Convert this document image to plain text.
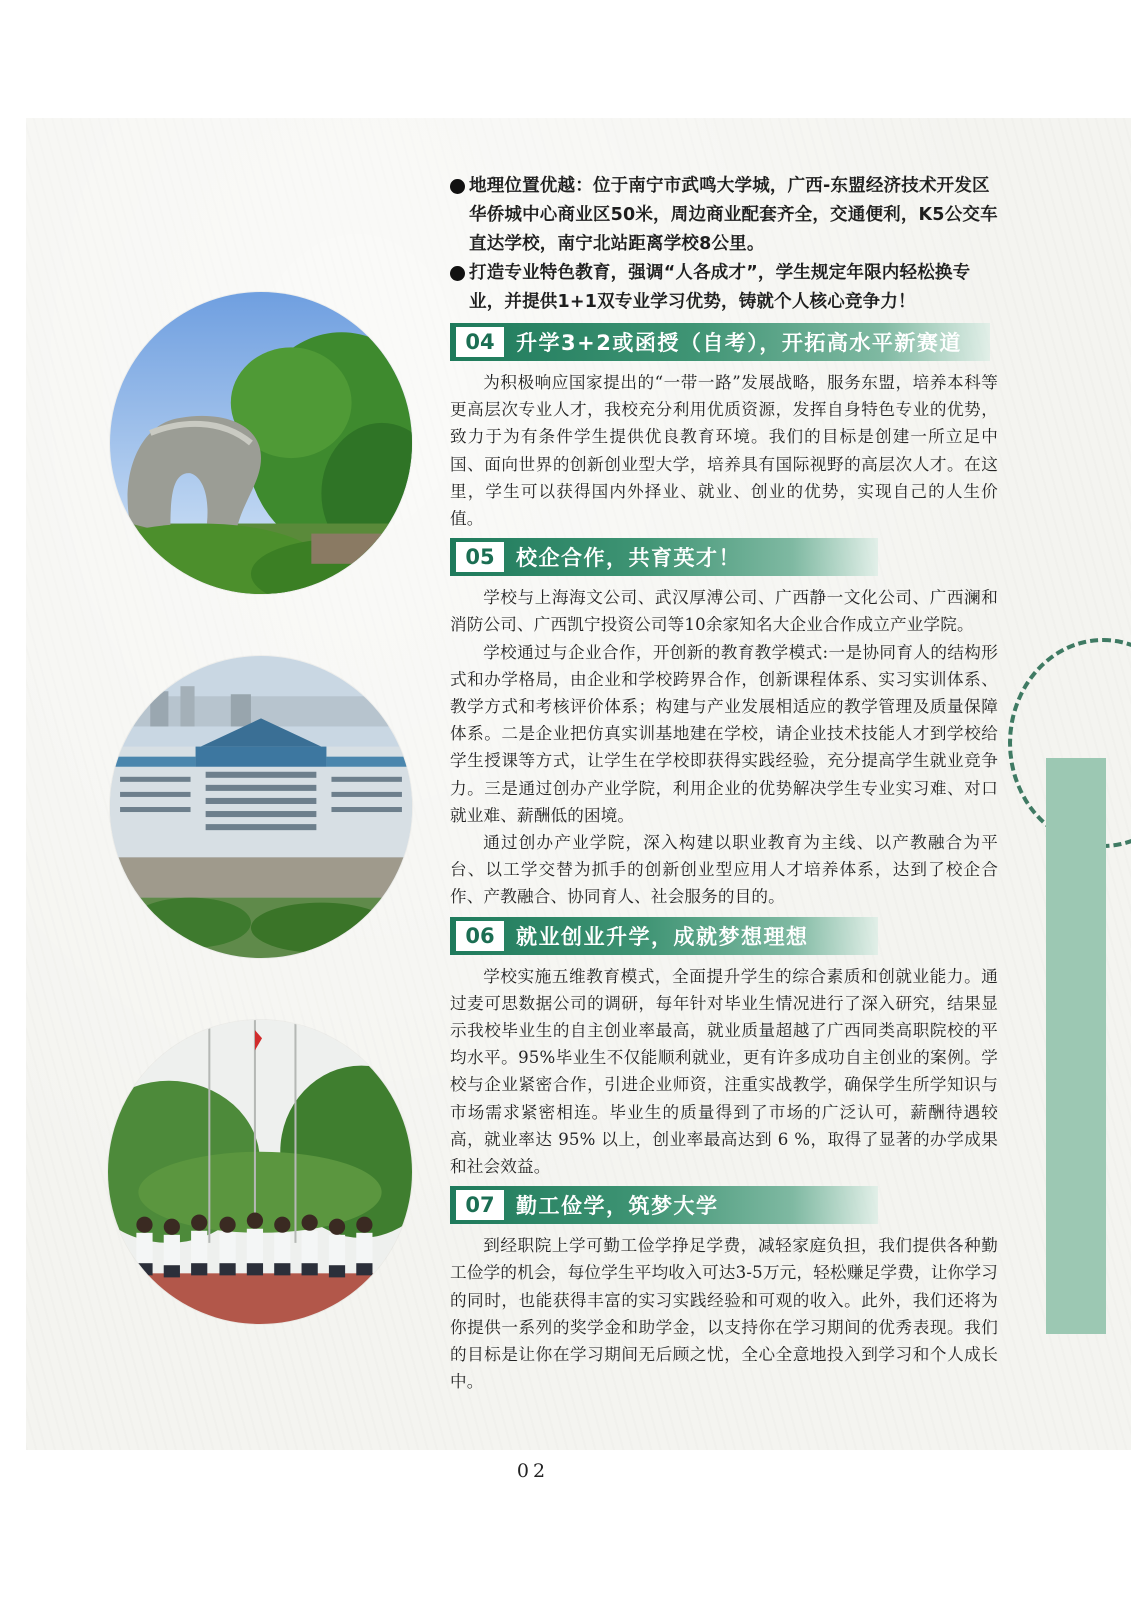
地理位置优越：位于南宁市武鸣大学城，广西-东盟经济技术开发区华侨城中心商业区50米，周边商业配套齐全，交通便利，K5公交车直达学校，南宁北站距离学校8公里。
打造专业特色教育，强调“人各成才”，学生规定年限内轻松换专业，并提供1+1双专业学习优势，铸就个人核心竞争力！
04	升学3+2或函授（自考），开拓高水平新赛道

为积极响应国家提出的“一带一路”发展战略，服务东盟，培养本科等更高层次专业人才，我校充分利用优质资源，发挥自身特色专业的优势，致力于为有条件学生提供优良教育环境。我们的目标是创建一所立足中国、面向世界的创新创业型大学，培养具有国际视野的高层次人才。在这里，学生可以获得国内外择业、就业、创业的优势，实现自己的人生价值。

05	校企合作，共育英才！

学校与上海海文公司、武汉厚溥公司、广西静一文化公司、广西澜和消防公司、广西凯宁投资公司等10余家知名大企业合作成立产业学院。

学校通过与企业合作，开创新的教育教学模式:一是协同育人的结构形式和办学格局，由企业和学校跨界合作，创新课程体系、实习实训体系、教学方式和考核评价体系；构建与产业发展相适应的教学管理及质量保障体系。二是企业把仿真实训基地建在学校，请企业技术技能人才到学校给学生授课等方式，让学生在学校即获得实践经验，充分提高学生就业竞争力。三是通过创办产业学院，利用企业的优势解决学生专业实习难、对口就业难、薪酬低的困境。

通过创办产业学院，深入构建以职业教育为主线、以产教融合为平台、以工学交替为抓手的创新创业型应用人才培养体系，达到了校企合作、产教融合、协同育人、社会服务的目的。

06	就业创业升学，成就梦想理想

学校实施五维教育模式，全面提升学生的综合素质和创就业能力。通过麦可思数据公司的调研，每年针对毕业生情况进行了深入研究，结果显示我校毕业生的自主创业率最高，就业质量超越了广西同类高职院校的平均水平。95%毕业生不仅能顺利就业，更有许多成功自主创业的案例。学校与企业紧密合作，引进企业师资，注重实战教学，确保学生所学知识与市场需求紧密相连。毕业生的质量得到了市场的广泛认可，薪酬待遇较高，就业率达 95% 以上，创业率最高达到 6 %，取得了显著的办学成果和社会效益。

07	勤工俭学，筑梦大学

到经职院上学可勤工俭学挣足学费，减轻家庭负担，我们提供各种勤工俭学的机会，每位学生平均收入可达3-5万元，轻松赚足学费，让你学习的同时，也能获得丰富的实习实践经验和可观的收入。此外，我们还将为你提供一系列的奖学金和助学金，以支持你在学习期间的优秀表现。我们的目标是让你在学习期间无后顾之忧，全心全意地投入到学习和个人成长中。

02
